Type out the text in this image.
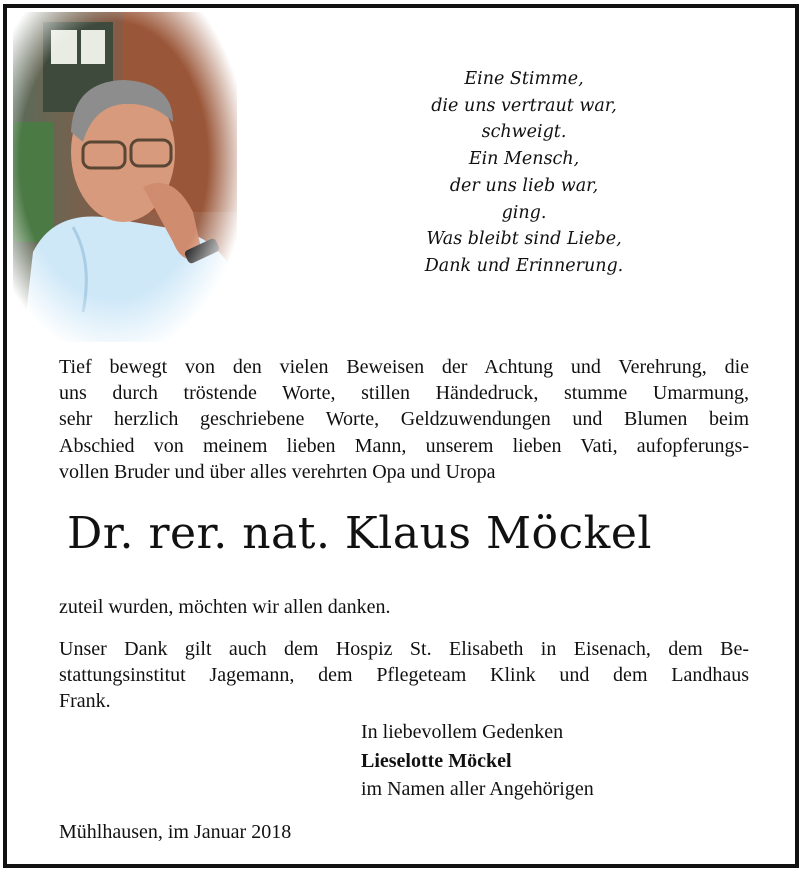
Eine Stimme,
die uns vertraut war,
schweigt.
Ein Mensch,
der uns lieb war,
ging.
Was bleibt sind Liebe,
Dank und Erinnerung.
Tief bewegt von den vielen Beweisen der Achtung und Verehrung, die
uns durch tröstende Worte, stillen Händedruck, stumme Umarmung,
sehr herzlich geschriebene Worte, Geldzuwendungen und Blumen beim
Abschied von meinem lieben Mann, unserem lieben Vati, aufopferungs-
vollen Bruder und über alles verehrten Opa und Uropa
Dr. rer. nat. Klaus Möckel
zuteil wurden, möchten wir allen danken.
Unser Dank gilt auch dem Hospiz St. Elisabeth in Eisenach, dem Be-
stattungsinstitut Jagemann, dem Pflegeteam Klink und dem Landhaus
Frank.
In liebevollem Gedenken
Lieselotte Möckel
im Namen aller Angehörigen
Mühlhausen, im Januar 2018
